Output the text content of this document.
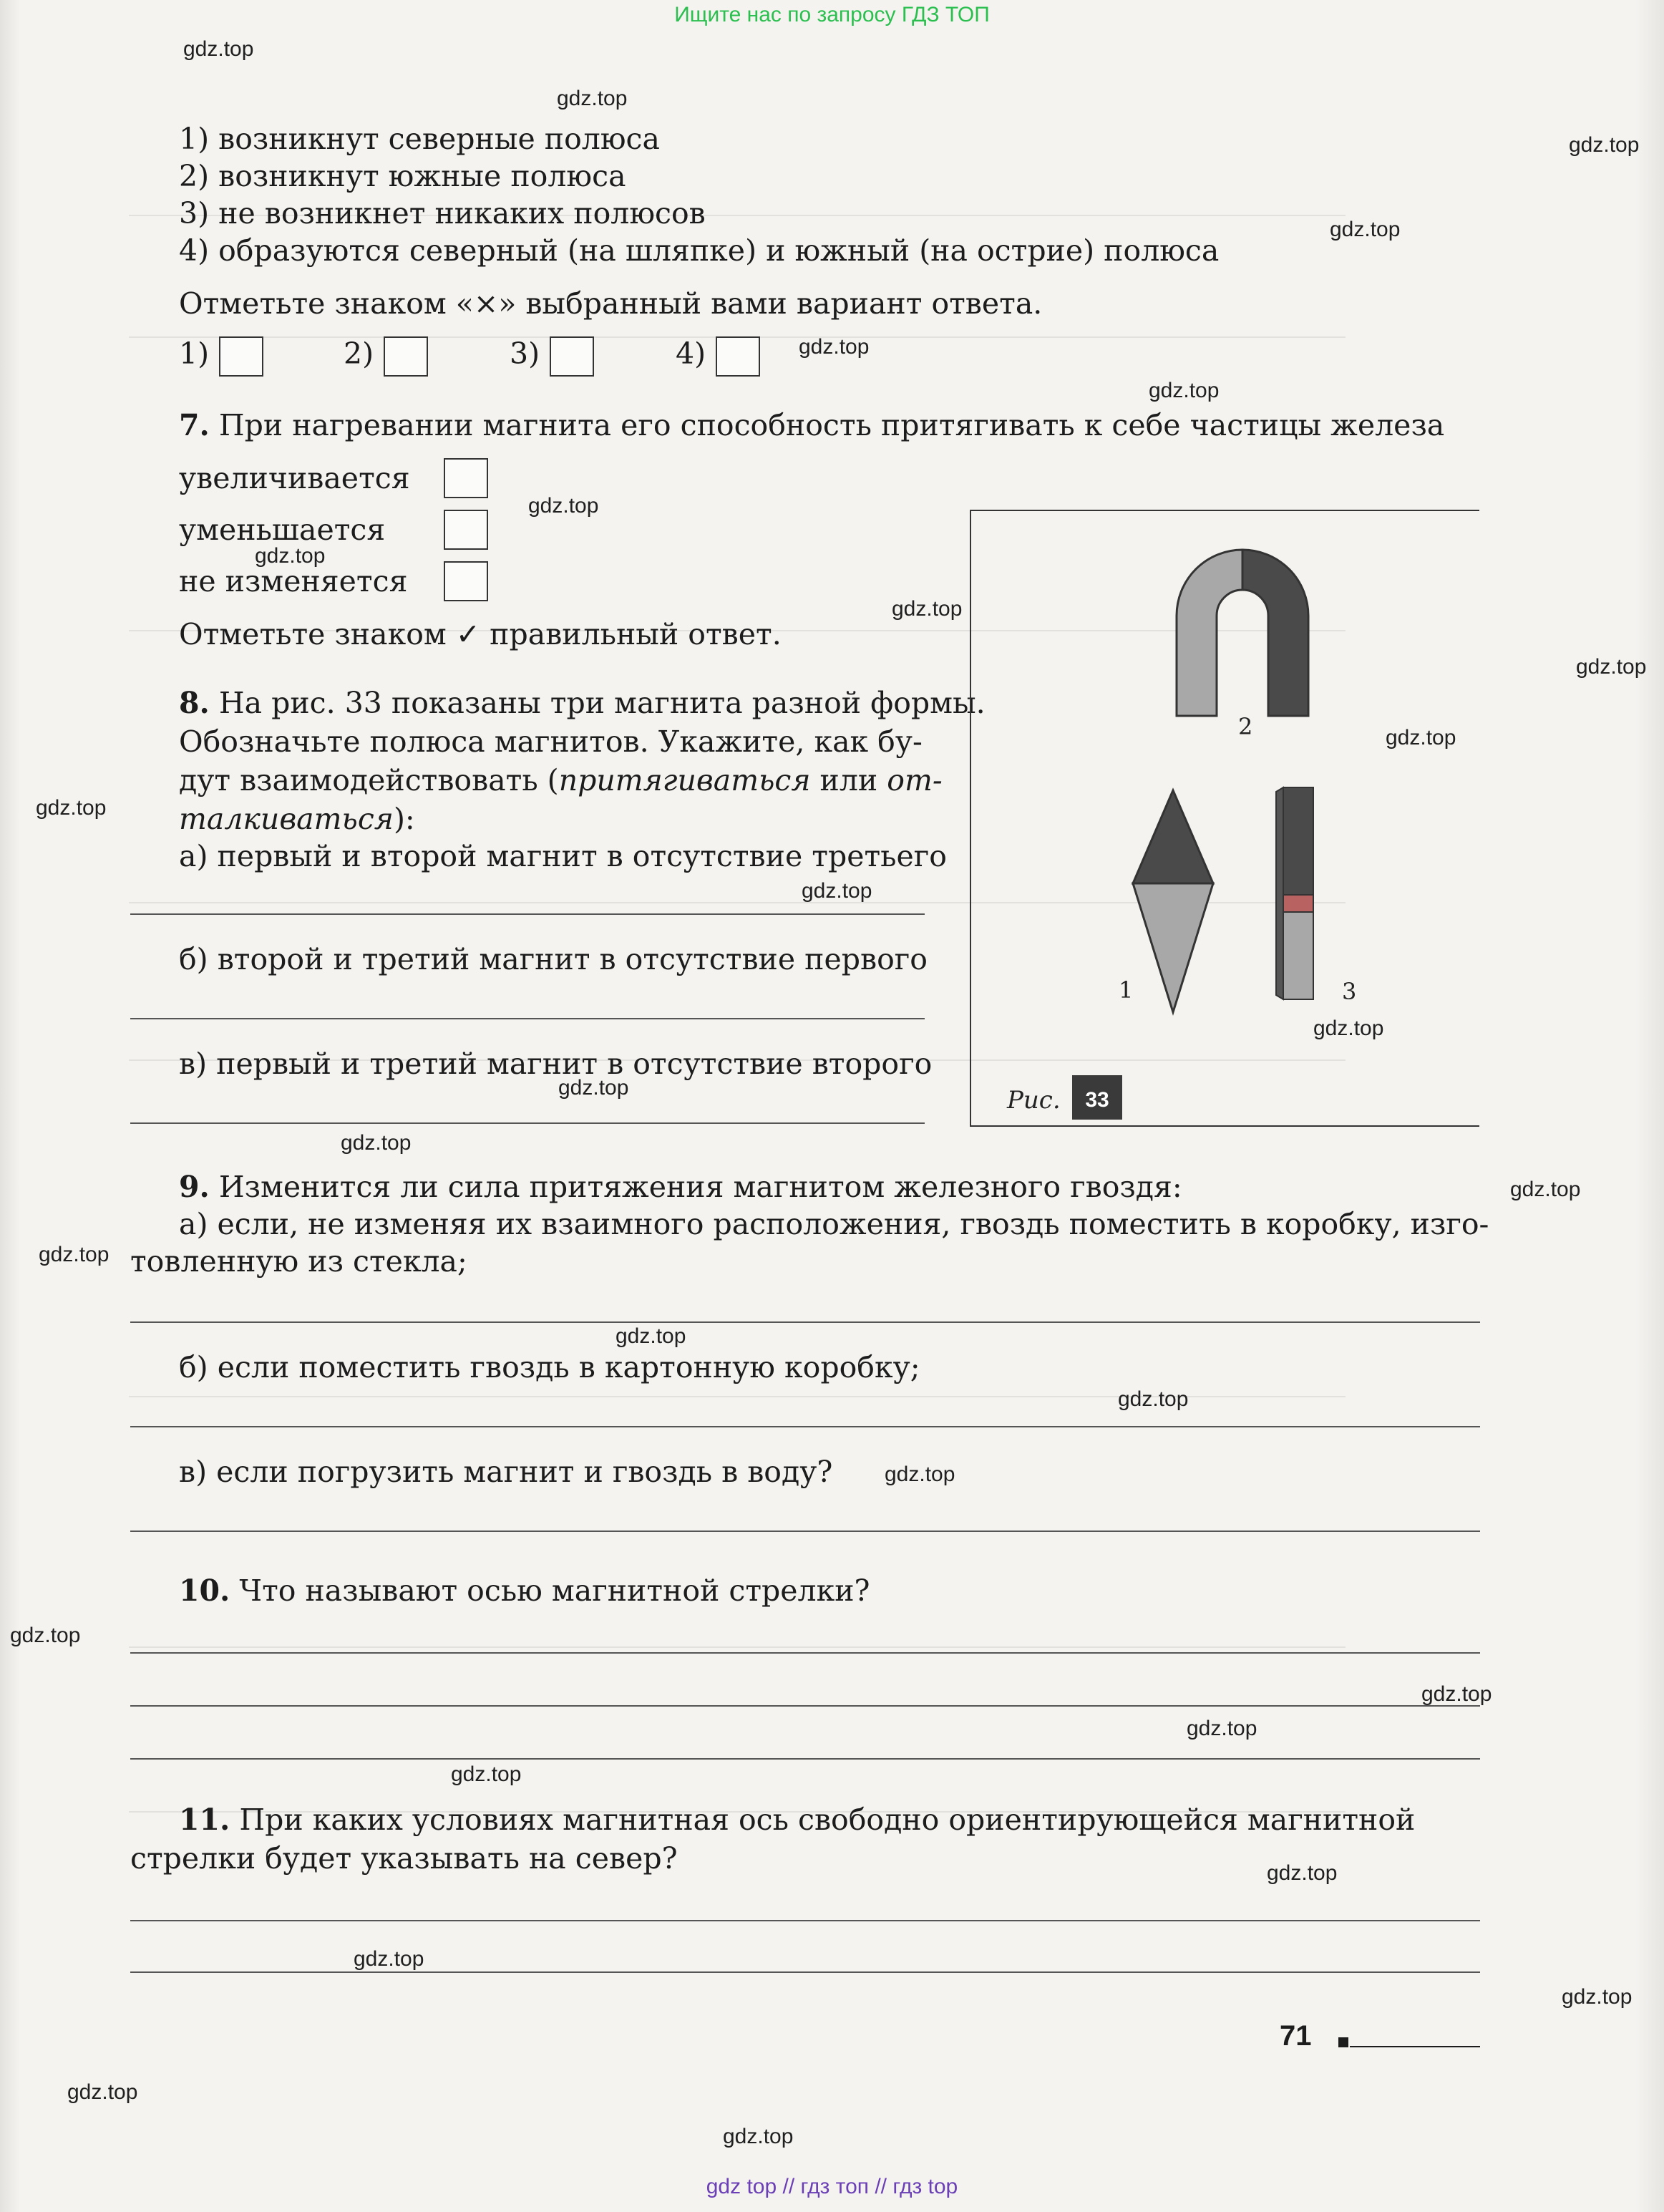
Ищите нас по запросу ГДЗ ТОП
gdz top // гдз топ // гдз top
gdz.top
gdz.top
gdz.top
gdz.top
gdz.top
gdz.top
gdz.top
gdz.top
gdz.top
gdz.top
gdz.top
gdz.top
gdz.top
gdz.top
gdz.top
gdz.top
gdz.top
gdz.top
gdz.top
gdz.top
gdz.top
gdz.top
gdz.top
gdz.top
gdz.top
gdz.top
gdz.top
gdz.top
gdz.top
gdz.top
1) возникнут северные полюса
2) возникнут южные полюса
3) не возникнет никаких полюсов
4) образуются северный (на шляпке) и южный (на острие) полюса
Отметьте знаком «×» выбранный вами вариант ответа.
1)	2)	3)	4)
7. При нагревании магнита его способность притягивать к себе частицы железа
увеличивается
уменьшается
не изменяется
Отметьте знаком ✓ правильный ответ.
8. На рис. 33 показаны три магнита разной формы.
Обозначьте полюса магнитов. Укажите, как бу-
дут взаимодействовать (притягиваться или от-
талкиваться):
а) первый и второй магнит в отсутствие третьего
б) второй и третий магнит в отсутствие первого
в) первый и третий магнит в отсутствие второго
2
1	3
Рис. 33
9. Изменится ли сила притяжения магнитом железного гвоздя:
а) если, не изменяя их взаимного расположения, гвоздь поместить в коробку, изго-
товленную из стекла;
б) если поместить гвоздь в картонную коробку;
в) если погрузить магнит и гвоздь в воду?
10. Что называют осью магнитной стрелки?
11. При каких условиях магнитная ось свободно ориентирующейся магнитной
стрелки будет указывать на север?
71
